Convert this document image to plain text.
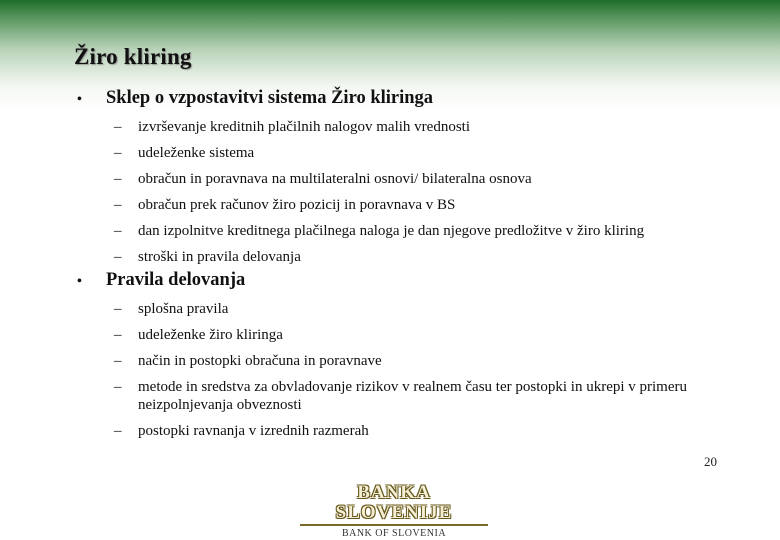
Žiro kliring
•	Sklep o vzpostavitvi sistema Žiro kliringa
–	izvrševanje kreditnih plačilnih nalogov malih vrednosti
–	udeleženke sistema
–	obračun in poravnava na multilateralni osnovi/ bilateralna osnova
–	obračun prek računov žiro pozicij in poravnava v BS
–	dan izpolnitve kreditnega plačilnega naloga je dan njegove predložitve v žiro kliring
–	stroški in pravila delovanja
•	Pravila delovanja
–	splošna pravila
–	udeleženke žiro kliringa
–	način in postopki obračuna in poravnave
–	metode in sredstva za obvladovanje rizikov v realnem času ter postopki in ukrepi v primeru neizpolnjevanja obveznosti
–	postopki ravnanja v izrednih razmerah
20
BANKA SLOVENIJE
BANK OF SLOVENIA
